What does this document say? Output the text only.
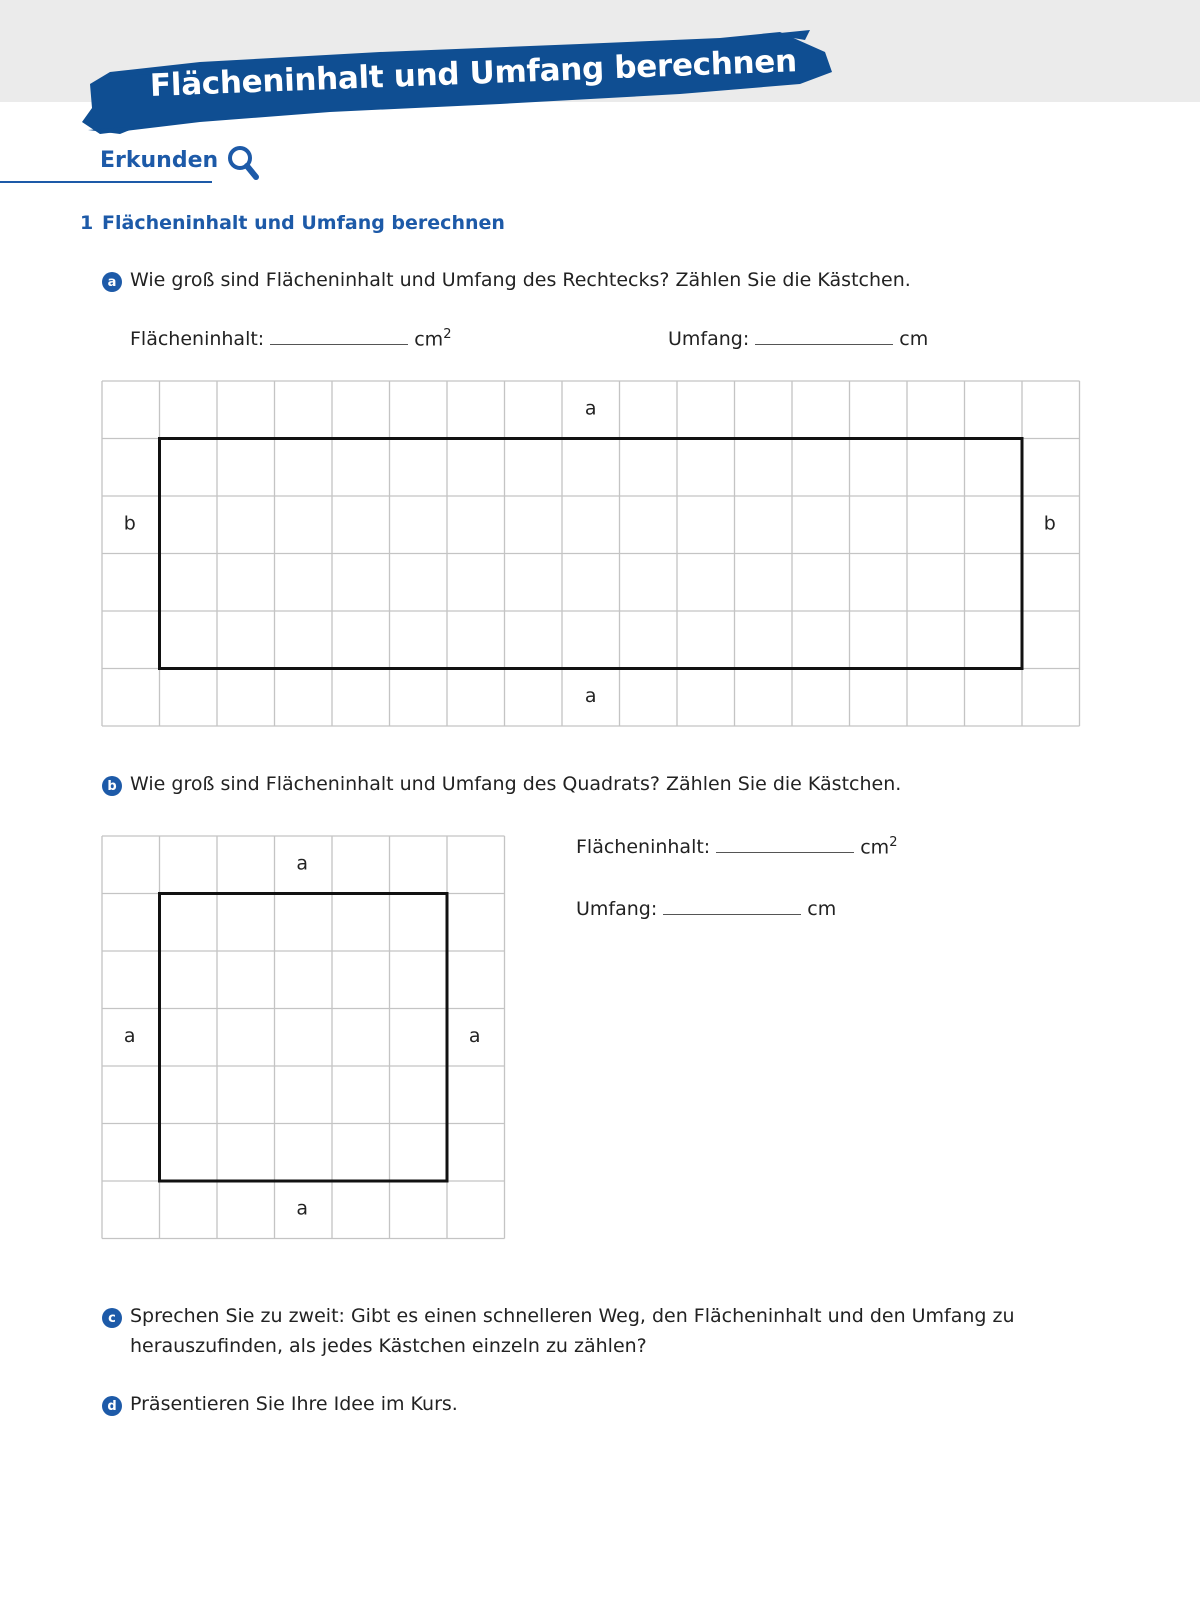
Flächeninhalt und Umfang berechnen
Erkunden
1 Flächeninhalt und Umfang berechnen
a Wie groß sind Flächeninhalt und Umfang des Rechtecks? Zählen Sie die Kästchen.
Flächeninhalt:	$cm^2$	Umfang:	cm
a
a
b	b
b Wie groß sind Flächeninhalt und Umfang des Quadrats? Zählen Sie die Kästchen.
a
a
a	a
Flächeninhalt:	$cm^2$
Umfang:	cm
c Sprechen Sie zu zweit: Gibt es einen schnelleren Weg, den Flächeninhalt und den Umfang zu
herauszufinden, als jedes Kästchen einzeln zu zählen?
d Präsentieren Sie Ihre Idee im Kurs.
